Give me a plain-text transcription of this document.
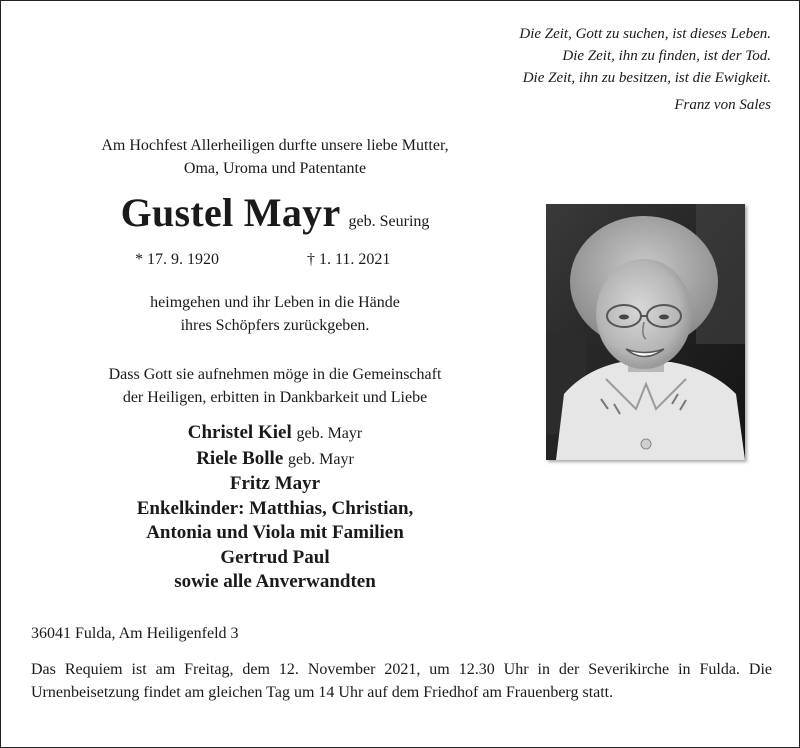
Die Zeit, Gott zu suchen, ist dieses Leben.
Die Zeit, ihn zu finden, ist der Tod.
Die Zeit, ihn zu besitzen, ist die Ewigkeit.
Franz von Sales
Am Hochfest Allerheiligen durfte unsere liebe Mutter,
Oma, Uroma und Patentante
Gustel Mayr geb. Seuring
* 17. 9. 1920	† 1. 11. 2021
heimgehen und ihr Leben in die Hände
ihres Schöpfers zurückgeben.
Dass Gott sie aufnehmen möge in die Gemeinschaft
der Heiligen, erbitten in Dankbarkeit und Liebe
Christel Kiel geb. Mayr
Riele Bolle geb. Mayr
Fritz Mayr
Enkelkinder: Matthias, Christian,
Antonia und Viola mit Familien
Gertrud Paul
sowie alle Anverwandten
36041 Fulda, Am Heiligenfeld 3
Das Requiem ist am Freitag, dem 12. November 2021, um 12.30 Uhr in der Severikirche in Fulda. Die Urnenbeisetzung findet am gleichen Tag um 14 Uhr auf dem Friedhof am Frauenberg statt.
